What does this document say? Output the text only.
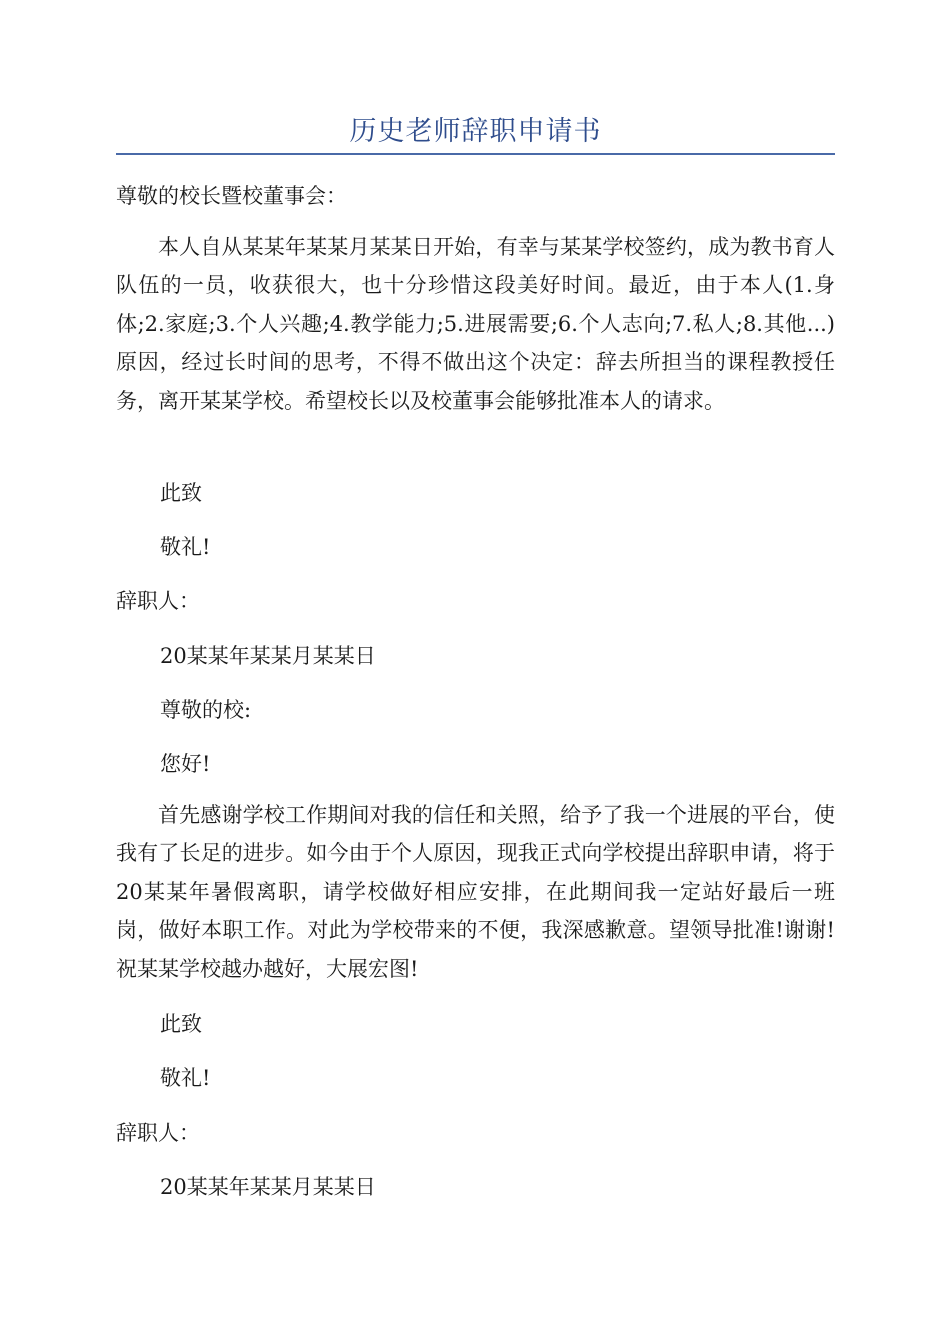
历史老师辞职申请书
尊敬的校长暨校董事会：
本人自从某某年某某月某某日开始，有幸与某某学校签约，成为教书育人队伍的一员，收获很大，也十分珍惜这段美好时间。最近，由于本人(1.身体;2.家庭;3.个人兴趣;4.教学能力;5.进展需要;6.个人志向;7.私人;8.其他...)原因，经过长时间的思考，不得不做出这个决定：辞去所担当的课程教授任务，离开某某学校。希望校长以及校董事会能够批准本人的请求。
此致
敬礼!
辞职人：
20某某年某某月某某日
尊敬的校:
您好!
首先感谢学校工作期间对我的信任和关照，给予了我一个进展的平台，使我有了长足的进步。如今由于个人原因，现我正式向学校提出辞职申请，将于20某某年暑假离职，请学校做好相应安排，在此期间我一定站好最后一班岗，做好本职工作。对此为学校带来的不便，我深感歉意。望领导批准!谢谢!祝某某学校越办越好，大展宏图!
此致
敬礼!
辞职人：
20某某年某某月某某日
